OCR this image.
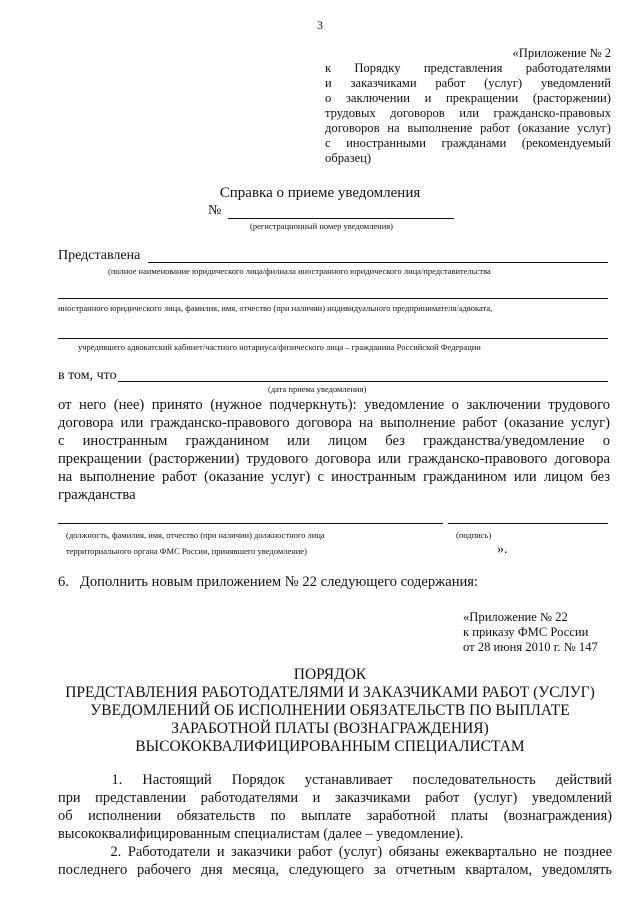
3
«Приложение № 2
к Порядку представления работодателями
и заказчиками работ (услуг) уведомлений
о заключении и прекращении (расторжении)
трудовых договоров или гражданско-правовых
договоров на выполнение работ (оказание услуг)
с иностранными гражданами (рекомендуемый
образец)
Справка о приеме уведомления
№
(регистрационный номер уведомления)
Представлена
(полное наименование юридического лица/филиала иностранного юридического лица/представительства
иностранного юридического лица, фамилия, имя, отчество (при наличии) индивидуального предпринимателя/адвоката,
учредившего адвокатский кабинет/частного нотариуса/физического лица – гражданина Российской Федерации
в том, что
(дата приема уведомления)
от него (нее) принято (нужное подчеркнуть): уведомление о заключении трудового
договора или гражданско-правового договора на выполнение работ (оказание услуг)
с иностранным гражданином или лицом без гражданства/уведомление о
прекращении (расторжении) трудового договора или гражданско-правового договора
на выполнение работ (оказание услуг) с иностранным гражданином или лицом без
гражданства
(должность, фамилия, имя, отчество (при наличии) должностного лица	(подпись)
территориального органа ФМС России, принявшего уведомление)	».
6.   Дополнить новым приложением № 22 следующего содержания:
«Приложение № 22
к приказу ФМС России
от 28 июня 2010 г. № 147
ПОРЯДОК
ПРЕДСТАВЛЕНИЯ РАБОТОДАТЕЛЯМИ И ЗАКАЗЧИКАМИ РАБОТ (УСЛУГ)
УВЕДОМЛЕНИЙ ОБ ИСПОЛНЕНИИ ОБЯЗАТЕЛЬСТВ ПО ВЫПЛАТЕ
ЗАРАБОТНОЙ ПЛАТЫ (ВОЗНАГРАЖДЕНИЯ)
ВЫСОКОКВАЛИФИЦИРОВАННЫМ СПЕЦИАЛИСТАМ
1.   Настоящий   Порядок   устанавливает   последовательность   действий
при представлении работодателями и заказчиками работ (услуг) уведомлений
об исполнении обязательств по выплате заработной платы (вознаграждения)
высококвалифицированным специалистам (далее – уведомление).
2. Работодатели и заказчики работ (услуг) обязаны ежеквартально не позднее
последнего рабочего дня месяца, следующего за отчетным кварталом, уведомлять
